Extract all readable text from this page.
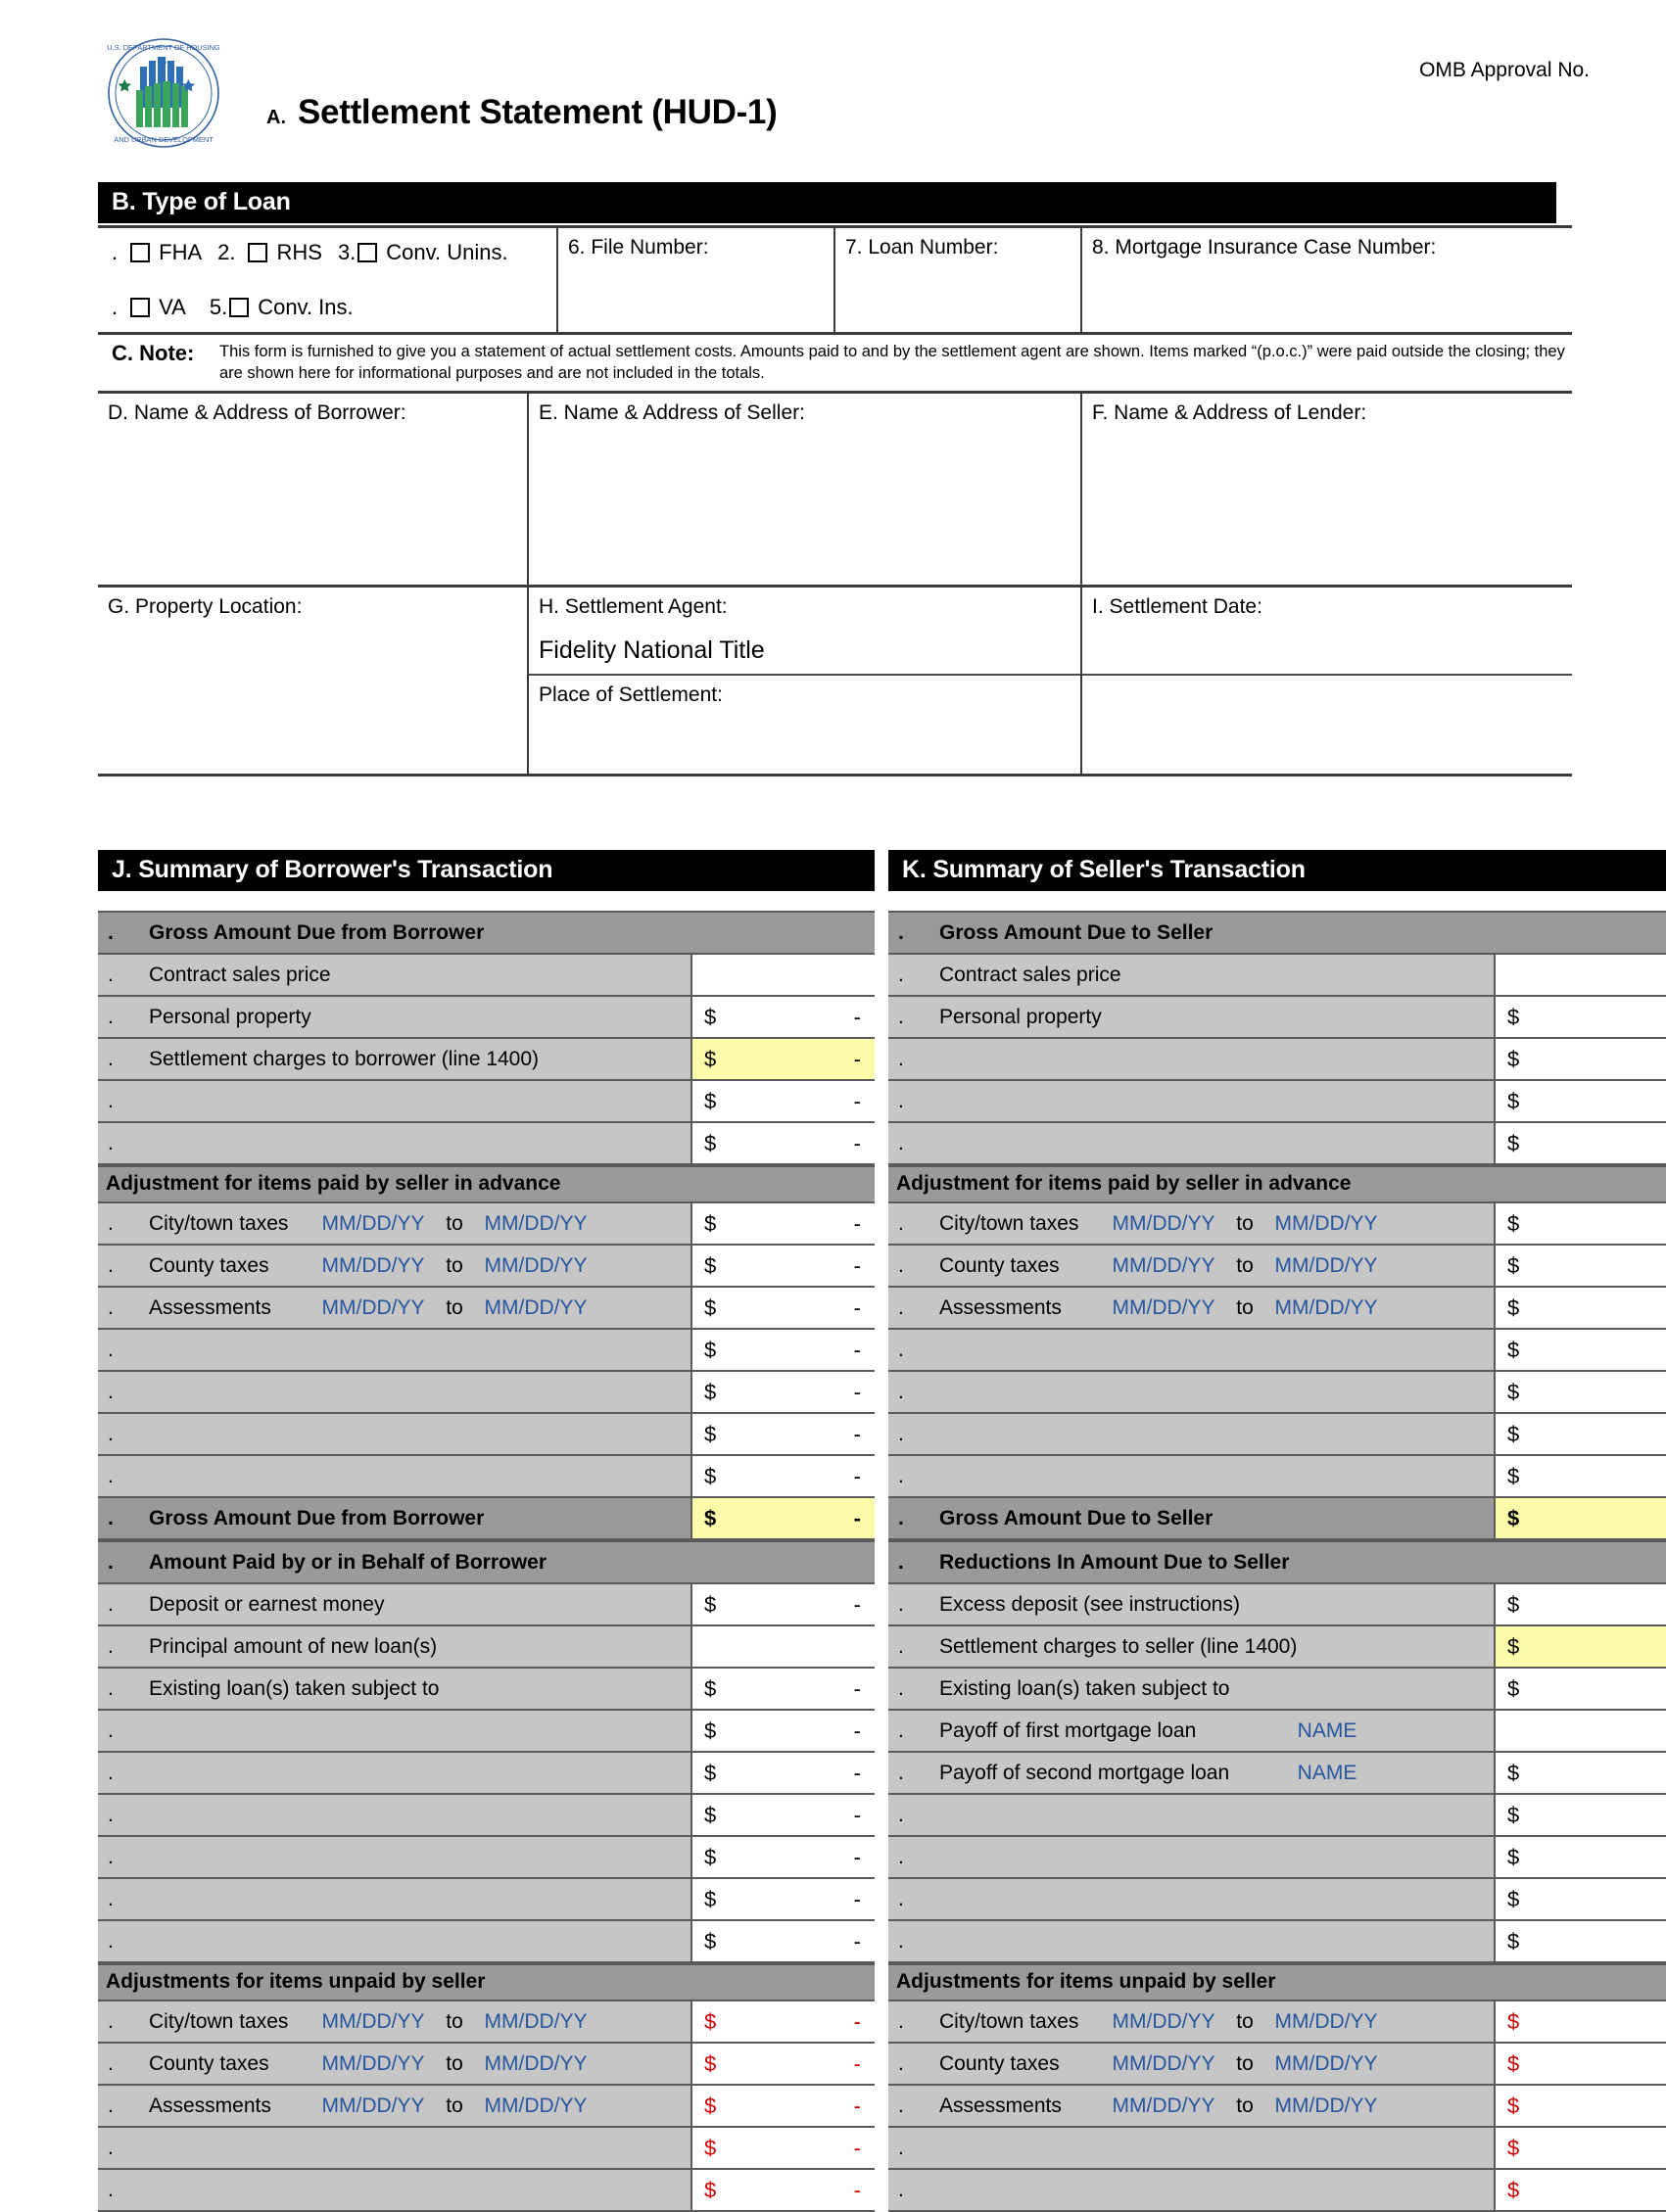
U.S. DEPARTMENT OF HOUSING
AND URBAN DEVELOPMENT
A. Settlement Statement (HUD-1)
OMB Approval No.
B. Type of Loan
. FHA 2. RHS 3. Conv. Unins.
. VA 5. Conv. Ins.
6. File Number:	7. Loan Number:	8. Mortgage Insurance Case Number:
C. Note:	This form is furnished to give you a statement of actual settlement costs. Amounts paid to and by the settlement agent are shown. Items marked “(p.o.c.)” were paid outside the closing; they are shown here for informational purposes and are not included in the totals.
D. Name & Address of Borrower:	E. Name & Address of Seller:	F. Name & Address of Lender:
G. Property Location:	H. Settlement Agent:
Fidelity National Title
Place of Settlement:
I. Settlement Date:
J. Summary of Borrower's Transaction
.	Gross Amount Due from Borrower
.	Contract sales price
.	Personal property	$	-
.	Settlement charges to borrower (line 1400)	$	-
.	$	-
.	$	-
Adjustment for items paid by seller in advance
.	City/town taxes	MM/DD/YY	to	MM/DD/YY	$	-
.	County taxes	MM/DD/YY	to	MM/DD/YY	$	-
.	Assessments	MM/DD/YY	to	MM/DD/YY	$	-
.	$	-
.	$	-
.	$	-
.	$	-
.	Gross Amount Due from Borrower	$	-
.	Amount Paid by or in Behalf of Borrower
.	Deposit or earnest money	$	-
.	Principal amount of new loan(s)
.	Existing loan(s) taken subject to	$	-
.	$	-
.	$	-
.	$	-
.	$	-
.	$	-
.	$	-
Adjustments for items unpaid by seller
.	City/town taxes	MM/DD/YY	to	MM/DD/YY	$	-
.	County taxes	MM/DD/YY	to	MM/DD/YY	$	-
.	Assessments	MM/DD/YY	to	MM/DD/YY	$	-
.	$	-
.	$	-
K. Summary of Seller's Transaction
.	Gross Amount Due to Seller
.	Contract sales price
.	Personal property	$
.	$
.	$
.	$
Adjustment for items paid by seller in advance
.	City/town taxes	MM/DD/YY	to	MM/DD/YY	$
.	County taxes	MM/DD/YY	to	MM/DD/YY	$
.	Assessments	MM/DD/YY	to	MM/DD/YY	$
.	$
.	$
.	$
.	$
.	Gross Amount Due to Seller	$
.	Reductions In Amount Due to Seller
.	Excess deposit (see instructions)	$
.	Settlement charges to seller (line 1400)	$
.	Existing loan(s) taken subject to	$
.	Payoff of first mortgage loan	NAME
.	Payoff of second mortgage loan	NAME	$
.	$
.	$
.	$
.	$
Adjustments for items unpaid by seller
.	City/town taxes	MM/DD/YY	to	MM/DD/YY	$
.	County taxes	MM/DD/YY	to	MM/DD/YY	$
.	Assessments	MM/DD/YY	to	MM/DD/YY	$
.	$
.	$
